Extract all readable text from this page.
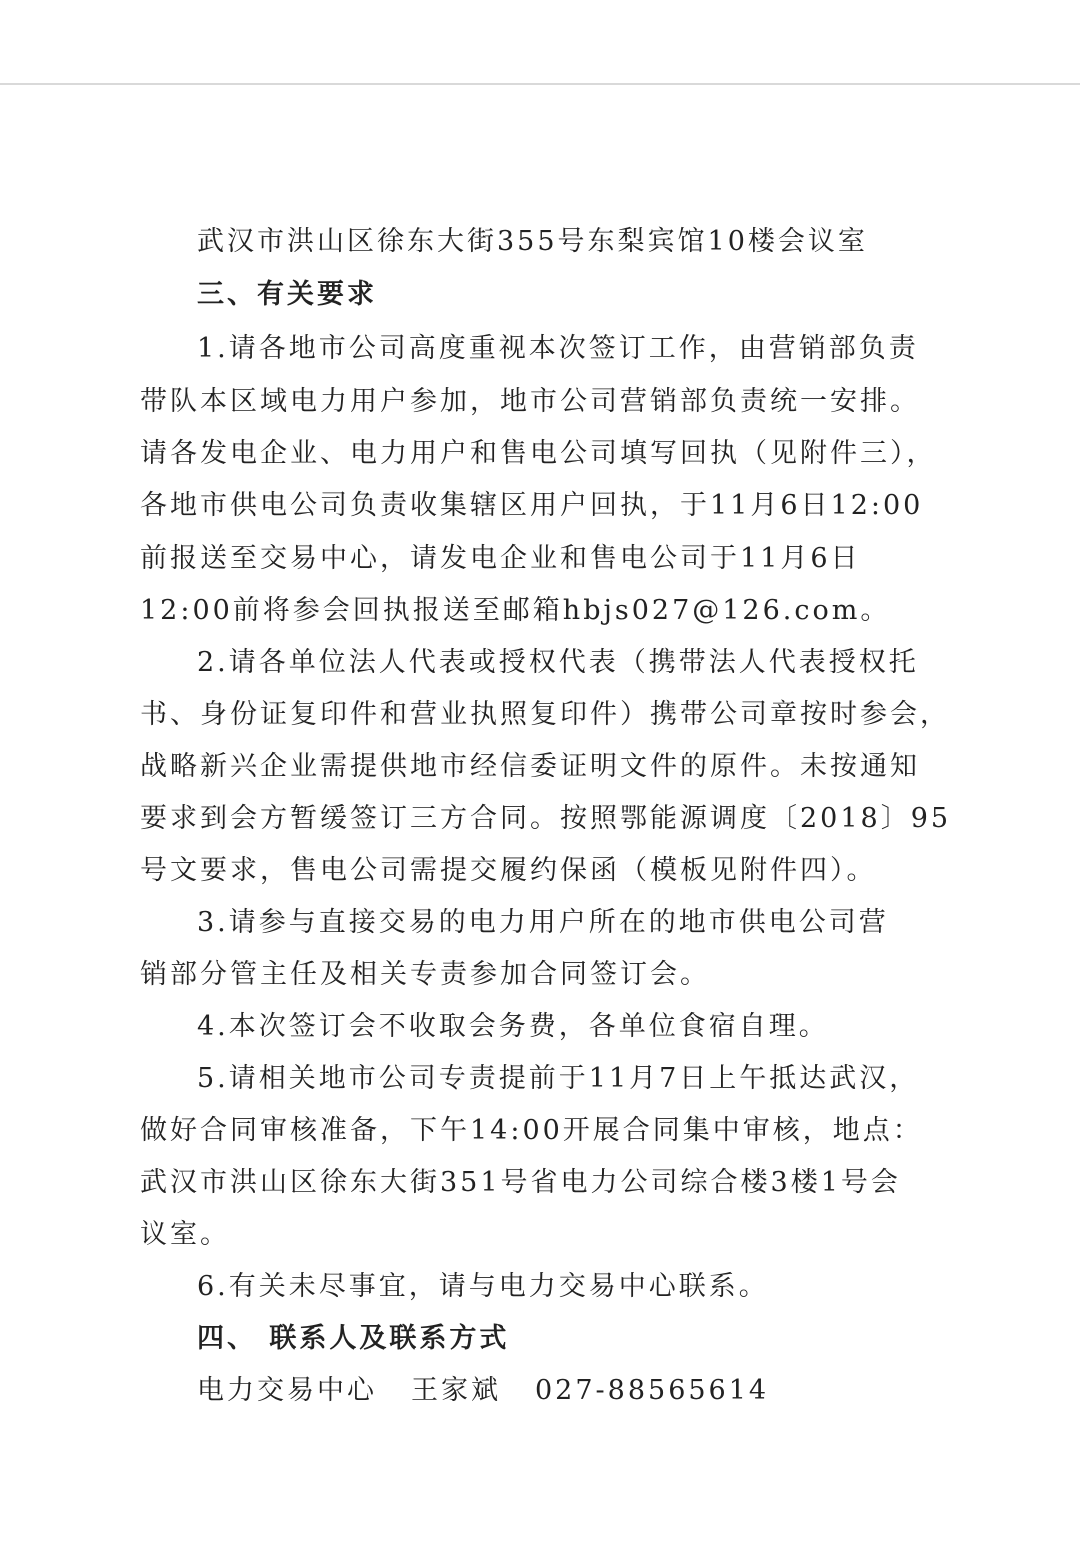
武汉市洪山区徐东大街355号东梨宾馆10楼会议室
三、有关要求
1.请各地市公司高度重视本次签订工作，由营销部负责
带队本区域电力用户参加，地市公司营销部负责统一安排。
请各发电企业、电力用户和售电公司填写回执（见附件三），
各地市供电公司负责收集辖区用户回执，于11月6日12:00
前报送至交易中心，请发电企业和售电公司于11月6日
12:00前将参会回执报送至邮箱hbjs027@126.com。
2.请各单位法人代表或授权代表（携带法人代表授权托
书、身份证复印件和营业执照复印件）携带公司章按时参会，
战略新兴企业需提供地市经信委证明文件的原件。未按通知
要求到会方暂缓签订三方合同。按照鄂能源调度〔2018〕95
号文要求，售电公司需提交履约保函（模板见附件四）。
3.请参与直接交易的电力用户所在的地市供电公司营
销部分管主任及相关专责参加合同签订会。
4.本次签订会不收取会务费，各单位食宿自理。
5.请相关地市公司专责提前于11月7日上午抵达武汉，
做好合同审核准备，下午14:00开展合同集中审核，地点：
武汉市洪山区徐东大街351号省电力公司综合楼3楼1号会
议室。
6.有关未尽事宜，请与电力交易中心联系。
四、 联系人及联系方式
电力交易中心 王家斌 027-88565614
